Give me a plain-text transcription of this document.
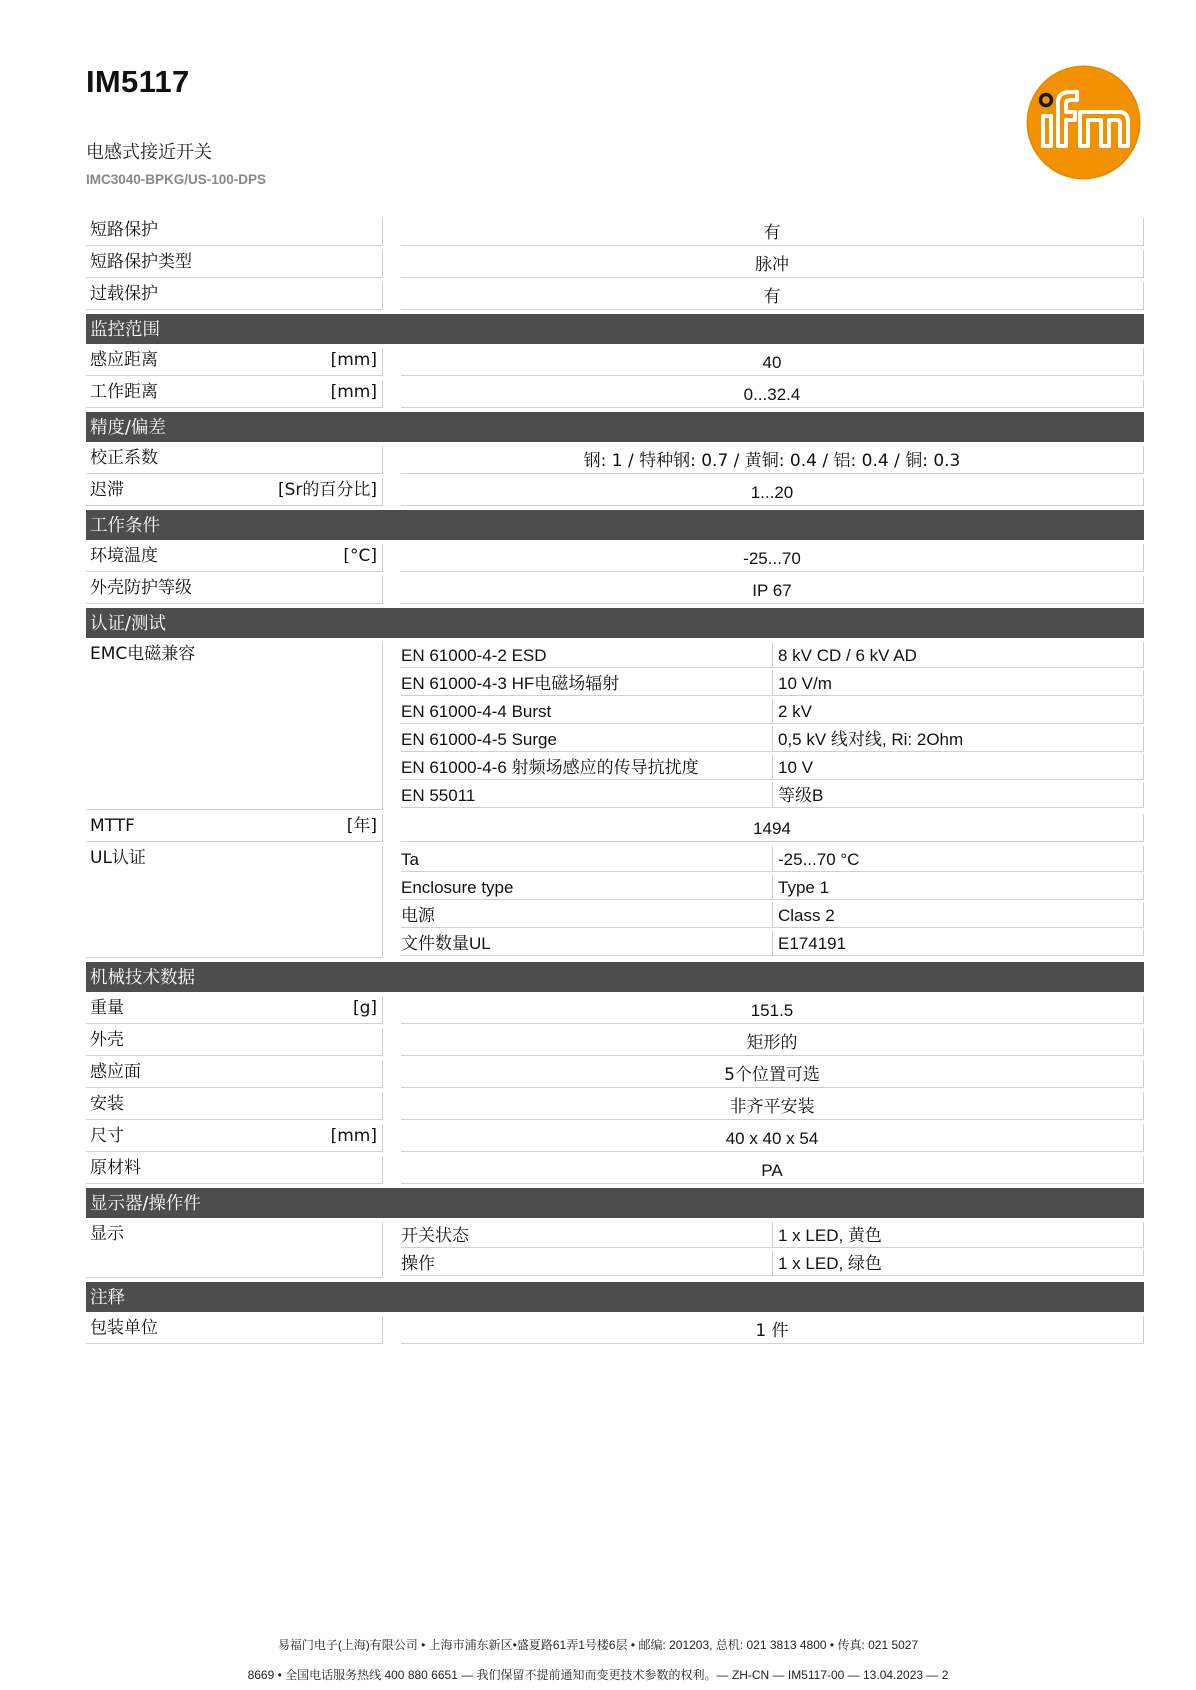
IM5117
电感式接近开关
IMC3040-BPKG/US-100-DPS
ifm
短路保护	有
短路保护类型	脉冲
过载保护	有
监控范围
感应距离	[mm]	40
工作距离	[mm]	0...32.4
精度/偏差
校正系数	钢: 1 / 特种钢: 0.7 / 黄铜: 0.4 / 铝: 0.4 / 铜: 0.3
迟滞	[Sr的百分比]	1...20
工作条件
环境温度	[°C]	-25...70
外壳防护等级	IP 67
认证/测试
EMC电磁兼容	EN 61000-4-2 ESD	8 kV CD / 6 kV AD
EN 61000-4-3 HF电磁场辐射	10 V/m
EN 61000-4-4 Burst	2 kV
EN 61000-4-5 Surge	0,5 kV 线对线, Ri: 2Ohm
EN 61000-4-6 射频场感应的传导抗扰度	10 V
EN 55011	等级B
MTTF	[年]	1494
UL认证	Ta	-25...70 °C
Enclosure type	Type 1
电源	Class 2
文件数量UL	E174191
机械技术数据
重量	[g]	151.5
外壳	矩形的
感应面	5个位置可选
安装	非齐平安装
尺寸	[mm]	40 x 40 x 54
原材料	PA
显示器/操作件
显示	开关状态	1 x LED, 黄色
操作	1 x LED, 绿色
注释
包装单位	1 件
易福门电子(上海)有限公司 • 上海市浦东新区•盛夏路61弄1号楼6层 • 邮编: 201203, 总机: 021 3813 4800 • 传真: 021 5027
8669 • 全国电话服务热线 400 880 6651 — 我们保留不提前通知而变更技术参数的权利。— ZH-CN — IM5117-00 — 13.04.2023 — 2
